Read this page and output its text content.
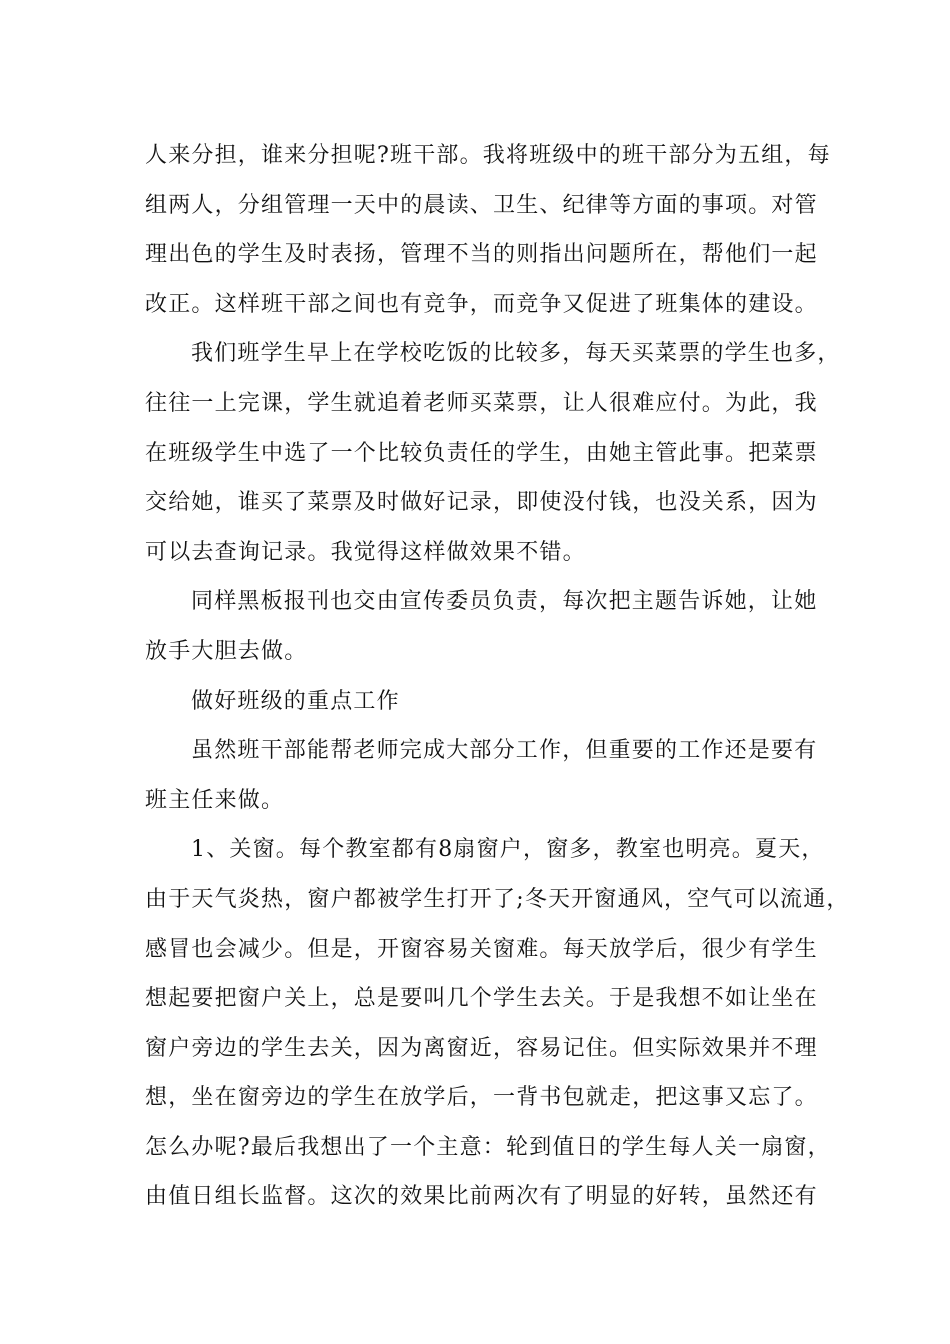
人来分担，谁来分担呢?班干部。我将班级中的班干部分为五组，每
组两人，分组管理一天中的晨读、卫生、纪律等方面的事项。对管
理出色的学生及时表扬，管理不当的则指出问题所在，帮他们一起
改正。这样班干部之间也有竞争，而竞争又促进了班集体的建设。
我们班学生早上在学校吃饭的比较多，每天买菜票的学生也多，
往往一上完课，学生就追着老师买菜票，让人很难应付。为此，我
在班级学生中选了一个比较负责任的学生，由她主管此事。把菜票
交给她，谁买了菜票及时做好记录，即使没付钱，也没关系，因为
可以去查询记录。我觉得这样做效果不错。
同样黑板报刊也交由宣传委员负责，每次把主题告诉她，让她
放手大胆去做。
做好班级的重点工作
虽然班干部能帮老师完成大部分工作，但重要的工作还是要有
班主任来做。
1、关窗。每个教室都有8扇窗户，窗多，教室也明亮。夏天，
由于天气炎热，窗户都被学生打开了;冬天开窗通风，空气可以流通，
感冒也会减少。但是，开窗容易关窗难。每天放学后，很少有学生
想起要把窗户关上，总是要叫几个学生去关。于是我想不如让坐在
窗户旁边的学生去关，因为离窗近，容易记住。但实际效果并不理
想，坐在窗旁边的学生在放学后，一背书包就走，把这事又忘了。
怎么办呢?最后我想出了一个主意：轮到值日的学生每人关一扇窗，
由值日组长监督。这次的效果比前两次有了明显的好转，虽然还有
